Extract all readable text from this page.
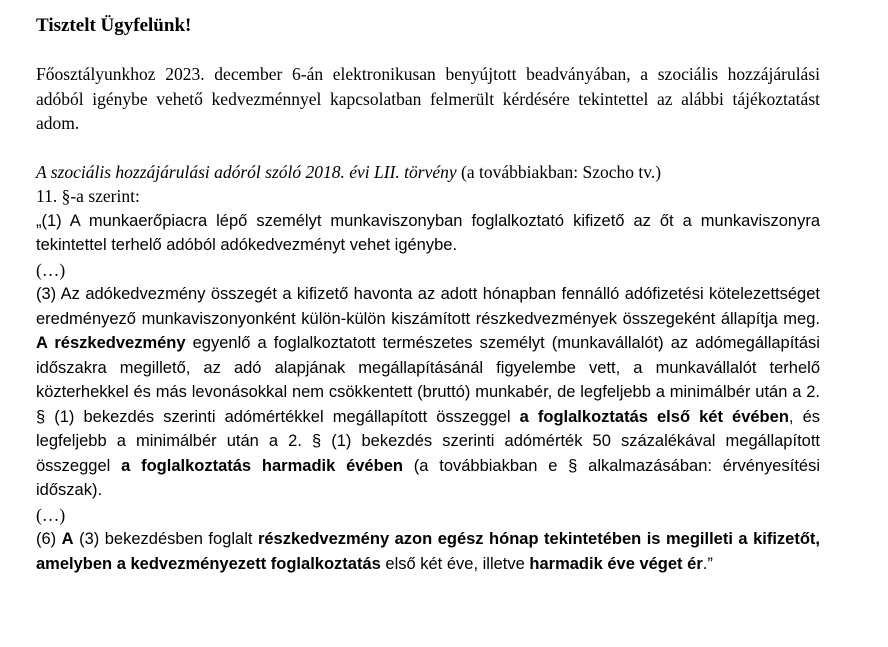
Tisztelt Ügyfelünk!

Főosztályunkhoz 2023. december 6-án elektronikusan benyújtott beadványában, a szociális hozzájárulási adóból igénybe vehető kedvezménnyel kapcsolatban felmerült kérdésére tekintettel az alábbi tájékoztatást adom.

A szociális hozzájárulási adóról szóló 2018. évi LII. törvény (a továbbiakban: Szocho tv.)
11. §-a szerint:

„(1) A munkaerőpiacra lépő személyt munkaviszonyban foglalkoztató kifizető az őt a munkaviszonyra tekintettel terhelő adóból adókedvezményt vehet igénybe.

(…)

(3) Az adókedvezmény összegét a kifizető havonta az adott hónapban fennálló adófizetési kötelezettséget eredményező munkaviszonyonként külön-külön kiszámított részkedvezmények összegeként állapítja meg. A részkedvezmény egyenlő a foglalkoztatott természetes személyt (munkavállalót) az adómegállapítási időszakra megillető, az adó alapjának megállapításánál figyelembe vett, a munkavállalót terhelő közterhekkel és más levonásokkal nem csökkentett (bruttó) munkabér, de legfeljebb a minimálbér után a 2. § (1) bekezdés szerinti adómértékkel megállapított összeggel a foglalkoztatás első két évében, és legfeljebb a minimálbér után a 2. § (1) bekezdés szerinti adómérték 50 százalékával megállapított összeggel a foglalkoztatás harmadik évében (a továbbiakban e § alkalmazásában: érvényesítési időszak).

(…)

(6) A (3) bekezdésben foglalt részkedvezmény azon egész hónap tekintetében is megilleti a kifizetőt, amelyben a kedvezményezett foglalkoztatás első két éve, illetve harmadik éve véget ér.”
